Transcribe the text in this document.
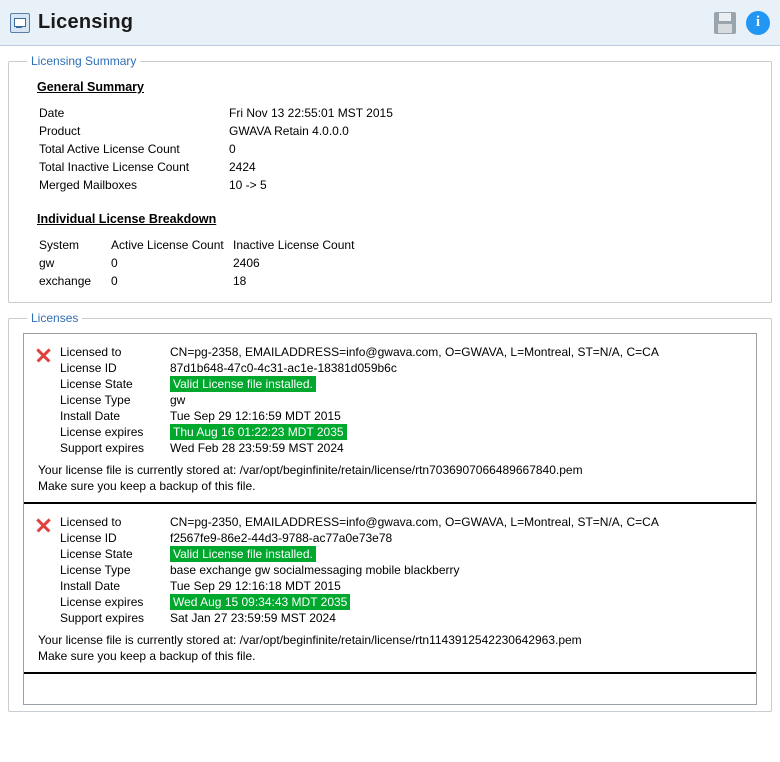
Licensing	i
Licensing Summary
General Summary
Date	Fri Nov 13 22:55:01 MST 2015
Product	GWAVA Retain 4.0.0.0
Total Active License Count	0
Total Inactive License Count	2424
Merged Mailboxes	10 -> 5
Individual License Breakdown
System	Active License Count	Inactive License Count
gw	0	2406
exchange	0	18
Licenses
Licensed to	CN=pg-2358, EMAILADDRESS=info@gwava.com, O=GWAVA, L=Montreal, ST=N/A, C=CA
License ID	87d1b648-47c0-4c31-ac1e-18381d059b6c
License State	Valid License file installed.
License Type	gw
Install Date	Tue Sep 29 12:16:59 MDT 2015
License expires	Thu Aug 16 01:22:23 MDT 2035
Support expires	Wed Feb 28 23:59:59 MST 2024
Your license file is currently stored at: /var/opt/beginfinite/retain/license/rtn7036907066489667840.pem
Make sure you keep a backup of this file.
Licensed to	CN=pg-2350, EMAILADDRESS=info@gwava.com, O=GWAVA, L=Montreal, ST=N/A, C=CA
License ID	f2567fe9-86e2-44d3-9788-ac77a0e73e78
License State	Valid License file installed.
License Type	base exchange gw socialmessaging mobile blackberry
Install Date	Tue Sep 29 12:16:18 MDT 2015
License expires	Wed Aug 15 09:34:43 MDT 2035
Support expires	Sat Jan 27 23:59:59 MST 2024
Your license file is currently stored at: /var/opt/beginfinite/retain/license/rtn1143912542230642963.pem
Make sure you keep a backup of this file.
